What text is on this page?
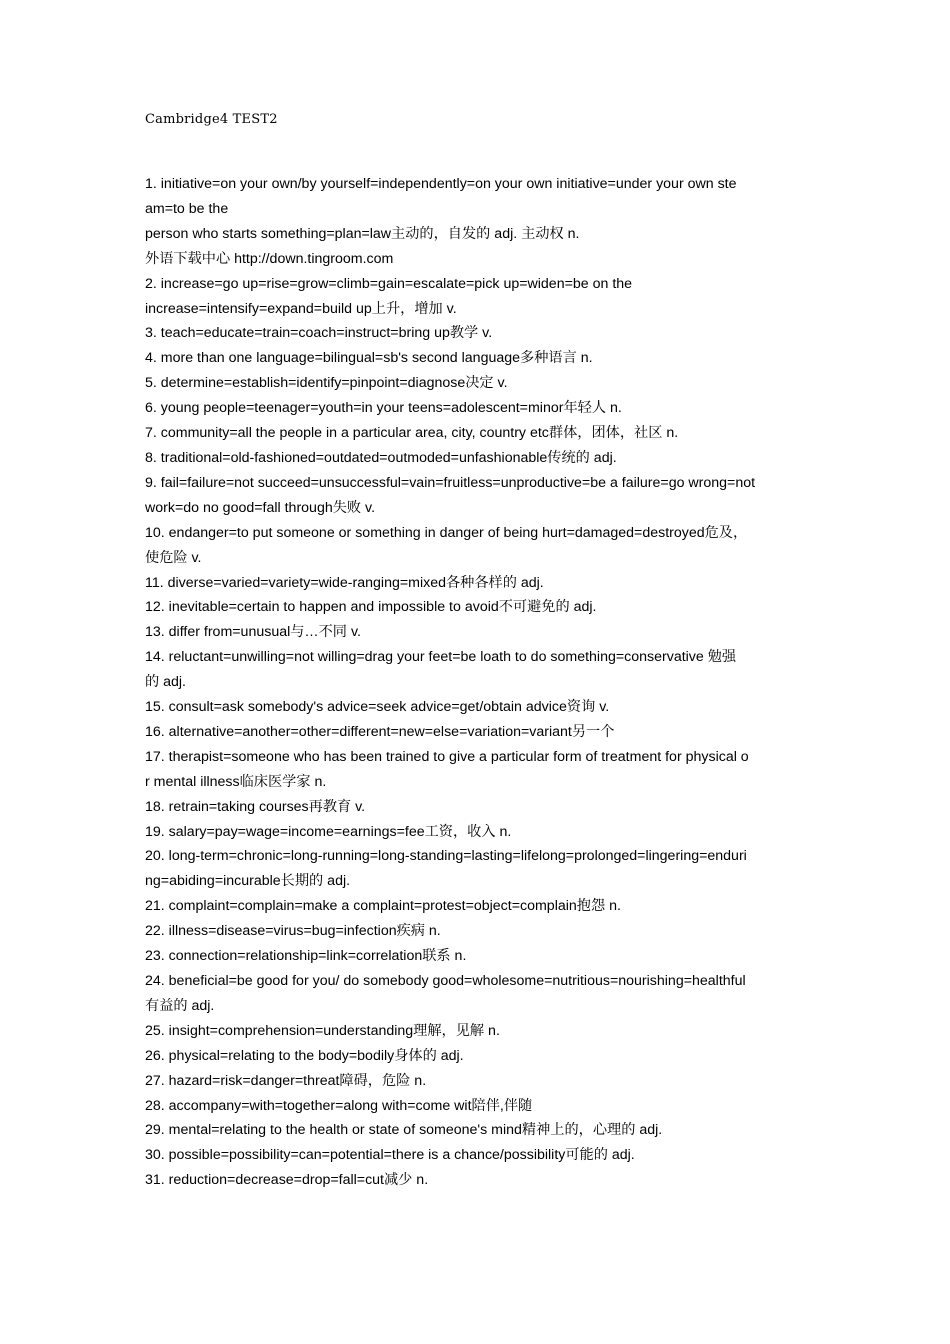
Cambridge4 TEST2
1. initiative=on your own/by yourself=independently=on your own initiative=under your own ste
am=to be the
person who starts something=plan=law主动的，自发的 adj. 主动权 n.
外语下载中心 http://down.tingroom.com
2. increase=go up=rise=grow=climb=gain=escalate=pick up=widen=be on the
increase=intensify=expand=build up上升，增加 v.
3. teach=educate=train=coach=instruct=bring up教学 v.
4. more than one language=bilingual=sb's second language多种语言 n.
5. determine=establish=identify=pinpoint=diagnose决定 v.
6. young people=teenager=youth=in your teens=adolescent=minor年轻人 n.
7. community=all the people in a particular area, city, country etc群体，团体，社区 n.
8. traditional=old-fashioned=outdated=outmoded=unfashionable传统的 adj.
9. fail=failure=not succeed=unsuccessful=vain=fruitless=unproductive=be a failure=go wrong=not
work=do no good=fall through失败 v.
10. endanger=to put someone or something in danger of being hurt=damaged=destroyed危及，
使危险 v.
11. diverse=varied=variety=wide-ranging=mixed各种各样的 adj.
12. inevitable=certain to happen and impossible to avoid不可避免的 adj.
13. differ from=unusual与…不同 v.
14. reluctant=unwilling=not willing=drag your feet=be loath to do something=conservative 勉强
的 adj.
15. consult=ask somebody's advice=seek advice=get/obtain advice资询 v.
16. alternative=another=other=different=new=else=variation=variant另一个
17. therapist=someone who has been trained to give a particular form of treatment for physical o
r mental illness临床医学家 n.
18. retrain=taking courses再教育 v.
19. salary=pay=wage=income=earnings=fee工资，收入 n.
20. long-term=chronic=long-running=long-standing=lasting=lifelong=prolonged=lingering=enduri
ng=abiding=incurable长期的 adj.
21. complaint=complain=make a complaint=protest=object=complain抱怨 n.
22. illness=disease=virus=bug=infection疾病 n.
23. connection=relationship=link=correlation联系 n.
24. beneficial=be good for you/ do somebody good=wholesome=nutritious=nourishing=healthful
有益的 adj.
25. insight=comprehension=understanding理解，见解 n.
26. physical=relating to the body=bodily身体的 adj.
27. hazard=risk=danger=threat障碍，危险 n.
28. accompany=with=together=along with=come wit陪伴,伴随
29. mental=relating to the health or state of someone's mind精神上的，心理的 adj.
30. possible=possibility=can=potential=there is a chance/possibility可能的 adj.
31. reduction=decrease=drop=fall=cut减少 n.
